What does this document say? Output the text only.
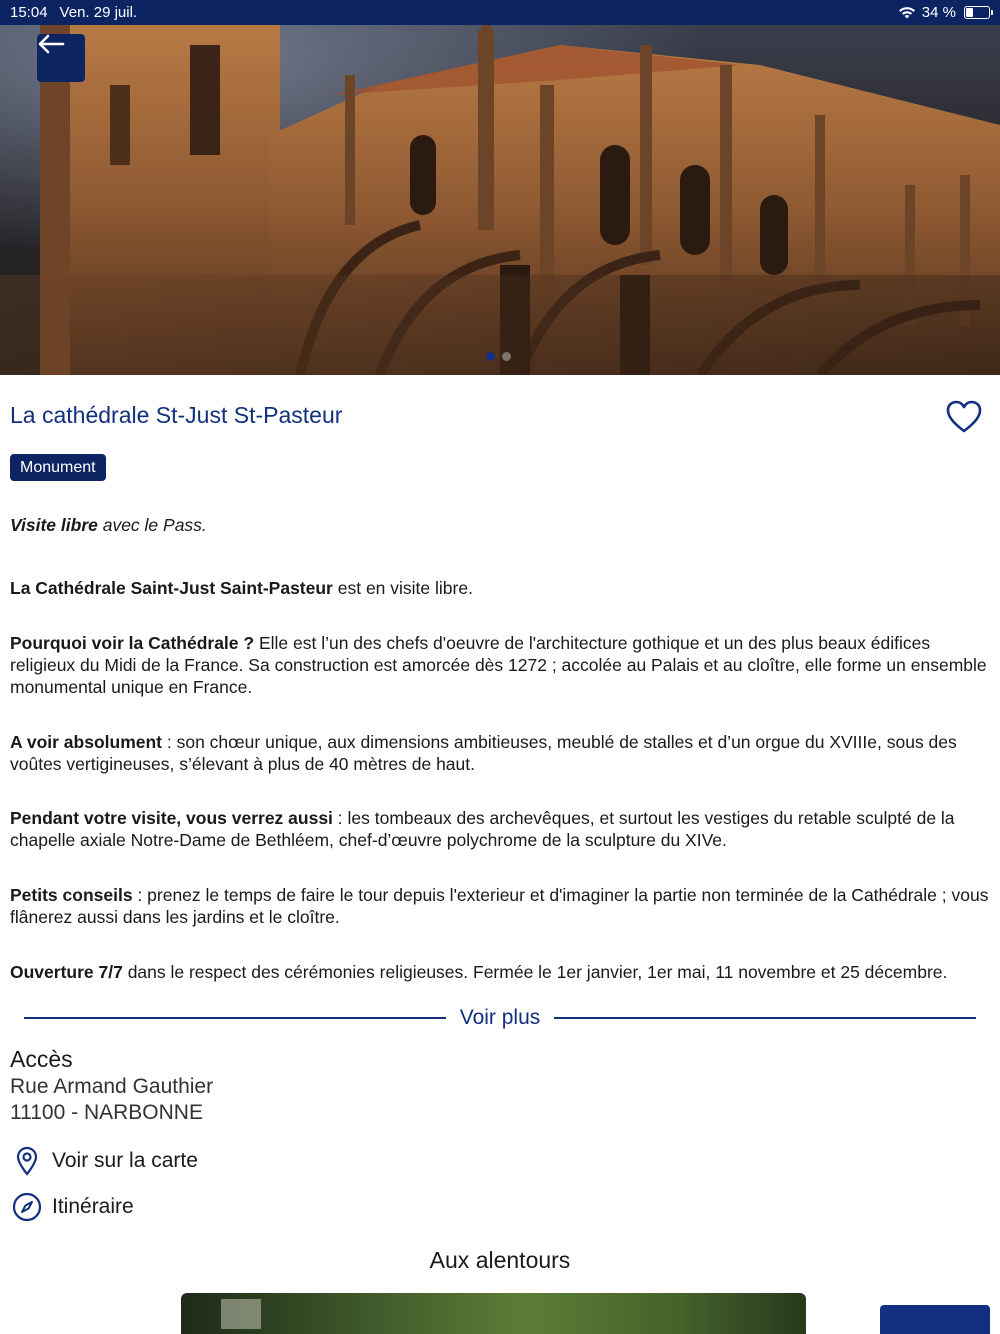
15:04 Ven. 29 juil.	34 %
La cathédrale St-Just St-Pasteur
Monument
Visite libre avec le Pass.
La Cathédrale Saint-Just Saint-Pasteur est en visite libre.
Pourquoi voir la Cathédrale ? Elle est l’un des chefs d'oeuvre de l'architecture gothique et un des plus beaux édifices religieux du Midi de la France. Sa construction est amorcée dès 1272 ; accolée au Palais et au cloître, elle forme un ensemble monumental unique en France.
A voir absolument : son chœur unique, aux dimensions ambitieuses, meublé de stalles et d’un orgue du XVIIIe, sous des voûtes vertigineuses, s’élevant à plus de 40 mètres de haut.
Pendant votre visite, vous verrez aussi : les tombeaux des archevêques, et surtout les vestiges du retable sculpté de la chapelle axiale Notre-Dame de Bethléem, chef-d’œuvre polychrome de la sculpture du XIVe.
Petits conseils : prenez le temps de faire le tour depuis l'exterieur et d'imaginer la partie non terminée de la Cathédrale ; vous flânerez aussi dans les jardins et le cloître.
Ouverture 7/7 dans le respect des cérémonies religieuses. Fermée le 1er janvier, 1er mai, 11 novembre et 25 décembre.
Voir plus
Accès
Rue Armand Gauthier
11100 - NARBONNE
Voir sur la carte
Itinéraire
Aux alentours
